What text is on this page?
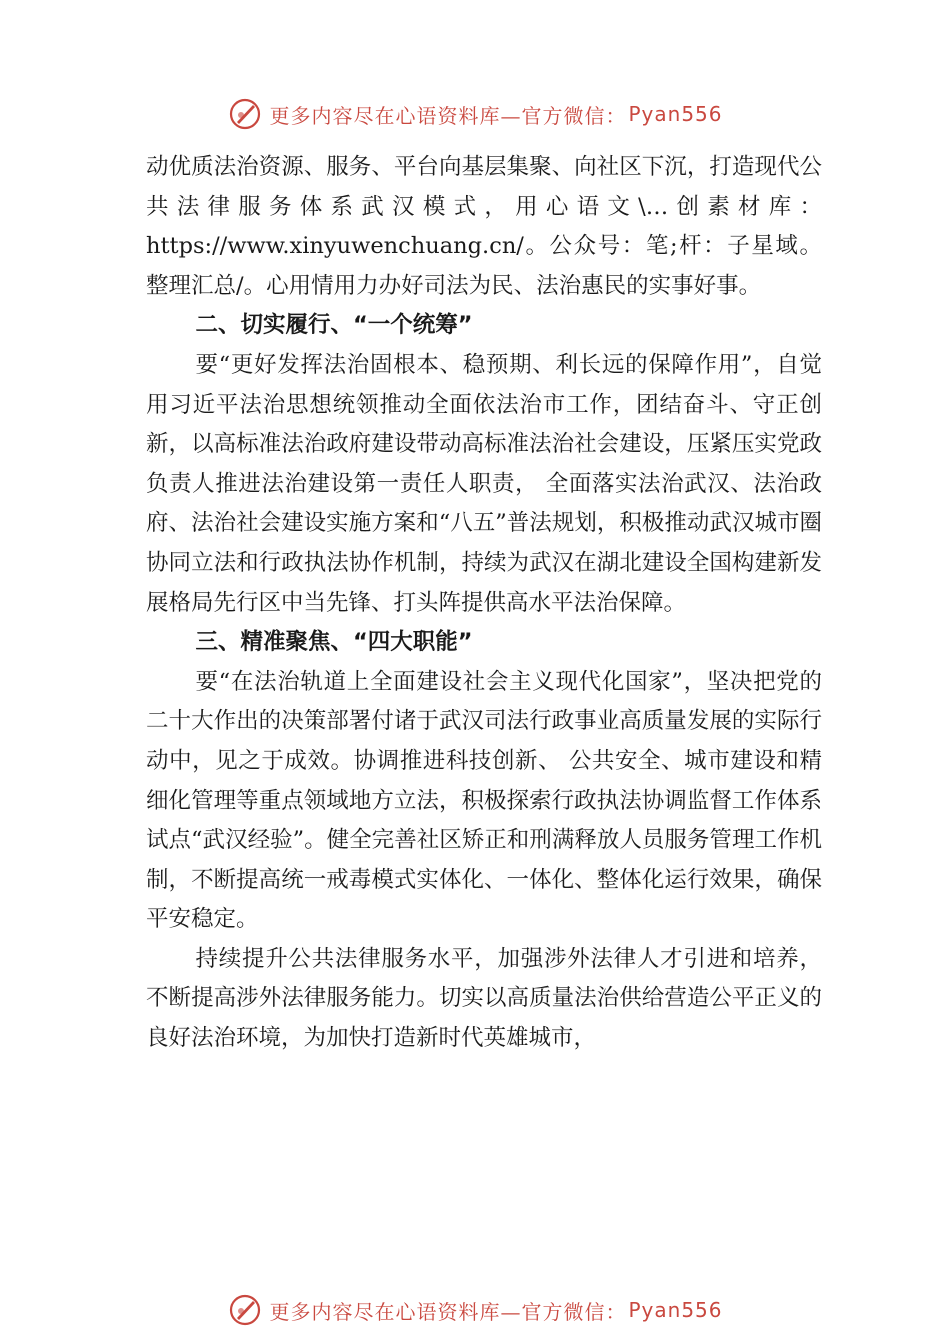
更多内容尽在心语资料库—官方微信： Pyan556

动优质法治资源、服务、平台向基层集聚、向社区下沉，打造现代公共法律服务体系武汉模式，用心语文\…创素材库：https://www.xinyuwenchuang.cn/。公众号：笔;杆：子星域。整理汇总/。心用情用力办好司法为民、法治惠民的实事好事。

二、切实履行、“一个统筹”

要“更好发挥法治固根本、稳预期、利长远的保障作用”，自觉用习近平法治思想统领推动全面依法治市工作，团结奋斗、守正创新，以高标准法治政府建设带动高标准法治社会建设，压紧压实党政负责人推进法治建设第一责任人职责， 全面落实法治武汉、法治政府、法治社会建设实施方案和“八五”普法规划，积极推动武汉城市圈协同立法和行政执法协作机制，持续为武汉在湖北建设全国构建新发展格局先行区中当先锋、打头阵提供高水平法治保障。

三、精准聚焦、“四大职能”

要“在法治轨道上全面建设社会主义现代化国家”，坚决把党的二十大作出的决策部署付诸于武汉司法行政事业高质量发展的实际行动中，见之于成效。协调推进科技创新、 公共安全、城市建设和精细化管理等重点领域地方立法，积极探索行政执法协调监督工作体系试点“武汉经验”。健全完善社区矫正和刑满释放人员服务管理工作机制，不断提高统一戒毒模式实体化、一体化、整体化运行效果，确保平安稳定。

持续提升公共法律服务水平，加强涉外法律人才引进和培养，不断提高涉外法律服务能力。切实以高质量法治供给营造公平正义的良好法治环境，为加快打造新时代英雄城市，

更多内容尽在心语资料库—官方微信： Pyan556
